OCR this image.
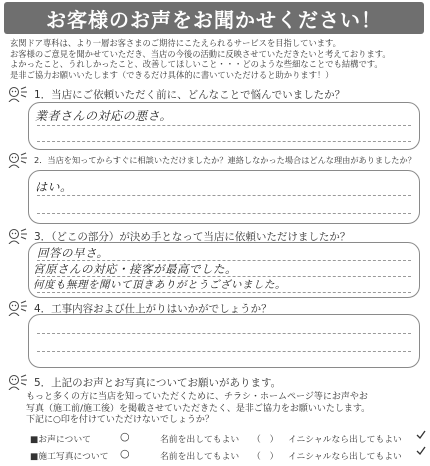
お客様のお声をお聞かせください！
玄関ドア専科は、より一層お客さまのご期待にこたえられるサービスを目指しています。
お客様のご意見を聞かせていただき、当店の今後の活動に反映させていただきたいと考えております。
よかったこと、うれしかったこと、改善してほしいこと・・・どのような些細なことでも結構です。
是非ご協力お願いいたします（できるだけ具体的に書いていただけると助かります！）
1．当店にご依頼いただく前に、どんなことで悩んでいましたか？
業者さんの対応の悪さ。
2．当店を知ってからすぐに相談いただけましたか？連絡しなかった場合はどんな理由がありましたか？
はい。
3．（どこの部分）が決め手となって当店に依頼いただけましたか？
回答の早さ。
宮原さんの対応・接客が最高でした。
何度も無理を聞いて頂きありがとうございました。
4．工事内容および仕上がりはいかがでしょうか？
5．上記のお声とお写真についてお願いがあります。
もっと多くの方に当店を知っていただくために、チラシ・ホームページ等にお声やお
写真（施工前/施工後）を掲載させていただきたく、是非ご協力をお願いいたします。
下記に○印を付けていただけないでしょうか？
■お声について	○	名前を出してもよい （　） イニシャルなら出してもよい
■施工写真について ○	名前を出してもよい （　） イニシャルなら出してもよい
